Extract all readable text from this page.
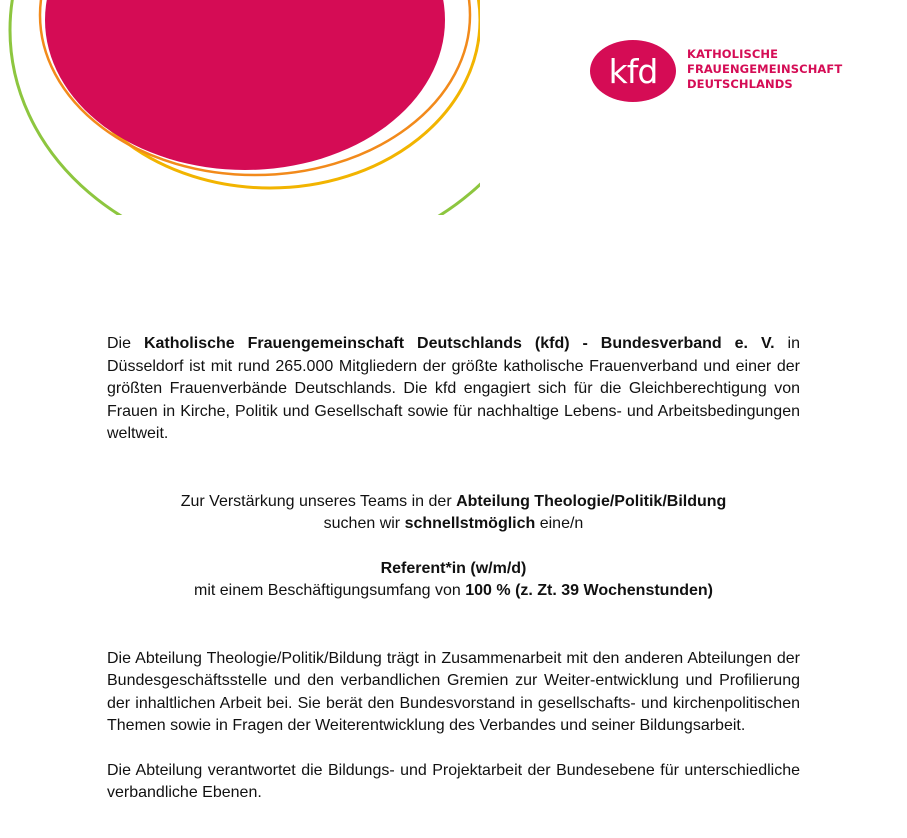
kfd	KATHOLISCHE
FRAUENGEMEINSCHAFT
DEUTSCHLANDS

Die Katholische Frauengemeinschaft Deutschlands (kfd) - Bundesverband e. V. in Düsseldorf ist mit rund 265.000 Mitgliedern der größte katholische Frauenverband und einer der größten Frauenverbände Deutschlands. Die kfd engagiert sich für die Gleichberechtigung von Frauen in Kirche, Politik und Gesellschaft sowie für nachhaltige Lebens- und Arbeitsbedingungen weltweit.

Zur Verstärkung unseres Teams in der Abteilung Theologie/Politik/Bildung

suchen wir schnellstmöglich eine/n

Referent*in (w/m/d)

mit einem Beschäftigungsumfang von 100 % (z. Zt. 39 Wochenstunden)

Die Abteilung Theologie/Politik/Bildung trägt in Zusammenarbeit mit den anderen Abteilungen der Bundesgeschäftsstelle und den verbandlichen Gremien zur Weiter-entwicklung und Profilierung der inhaltlichen Arbeit bei. Sie berät den Bundesvorstand in gesellschafts- und kirchenpolitischen Themen sowie in Fragen der Weiterentwicklung des Verbandes und seiner Bildungsarbeit.

Die Abteilung verantwortet die Bildungs- und Projektarbeit der Bundesebene für unterschiedliche verbandliche Ebenen.
